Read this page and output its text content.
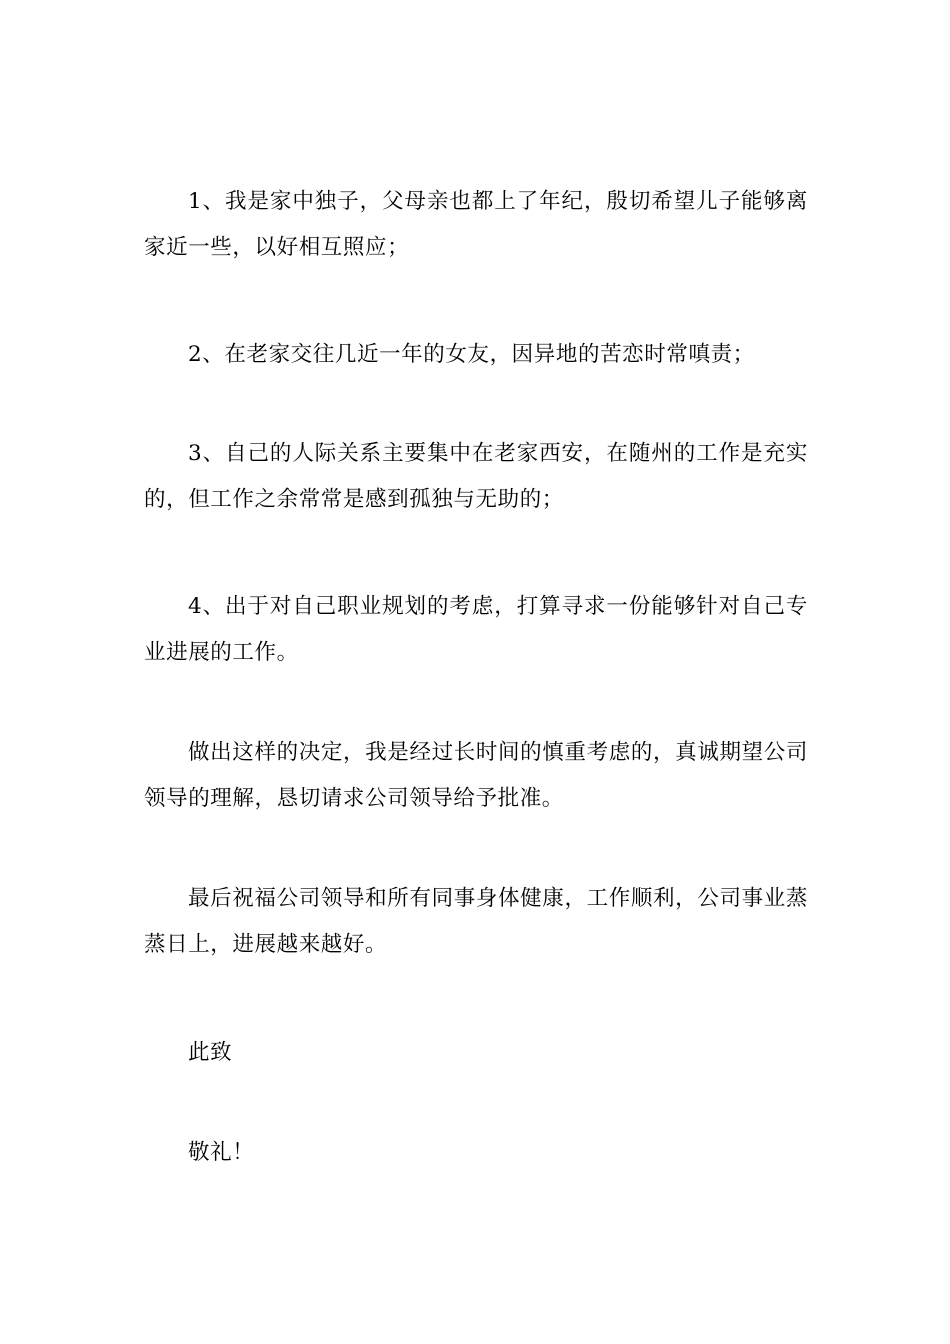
1、我是家中独子，父母亲也都上了年纪，殷切希望儿子能够离家近一些，以好相互照应；

2、在老家交往几近一年的女友，因异地的苦恋时常嗔责；

3、自己的人际关系主要集中在老家西安，在随州的工作是充实的，但工作之余常常是感到孤独与无助的；

4、出于对自己职业规划的考虑，打算寻求一份能够针对自己专业进展的工作。

做出这样的决定，我是经过长时间的慎重考虑的，真诚期望公司领导的理解，恳切请求公司领导给予批准。

最后祝福公司领导和所有同事身体健康，工作顺利，公司事业蒸蒸日上，进展越来越好。

此致

敬礼！
